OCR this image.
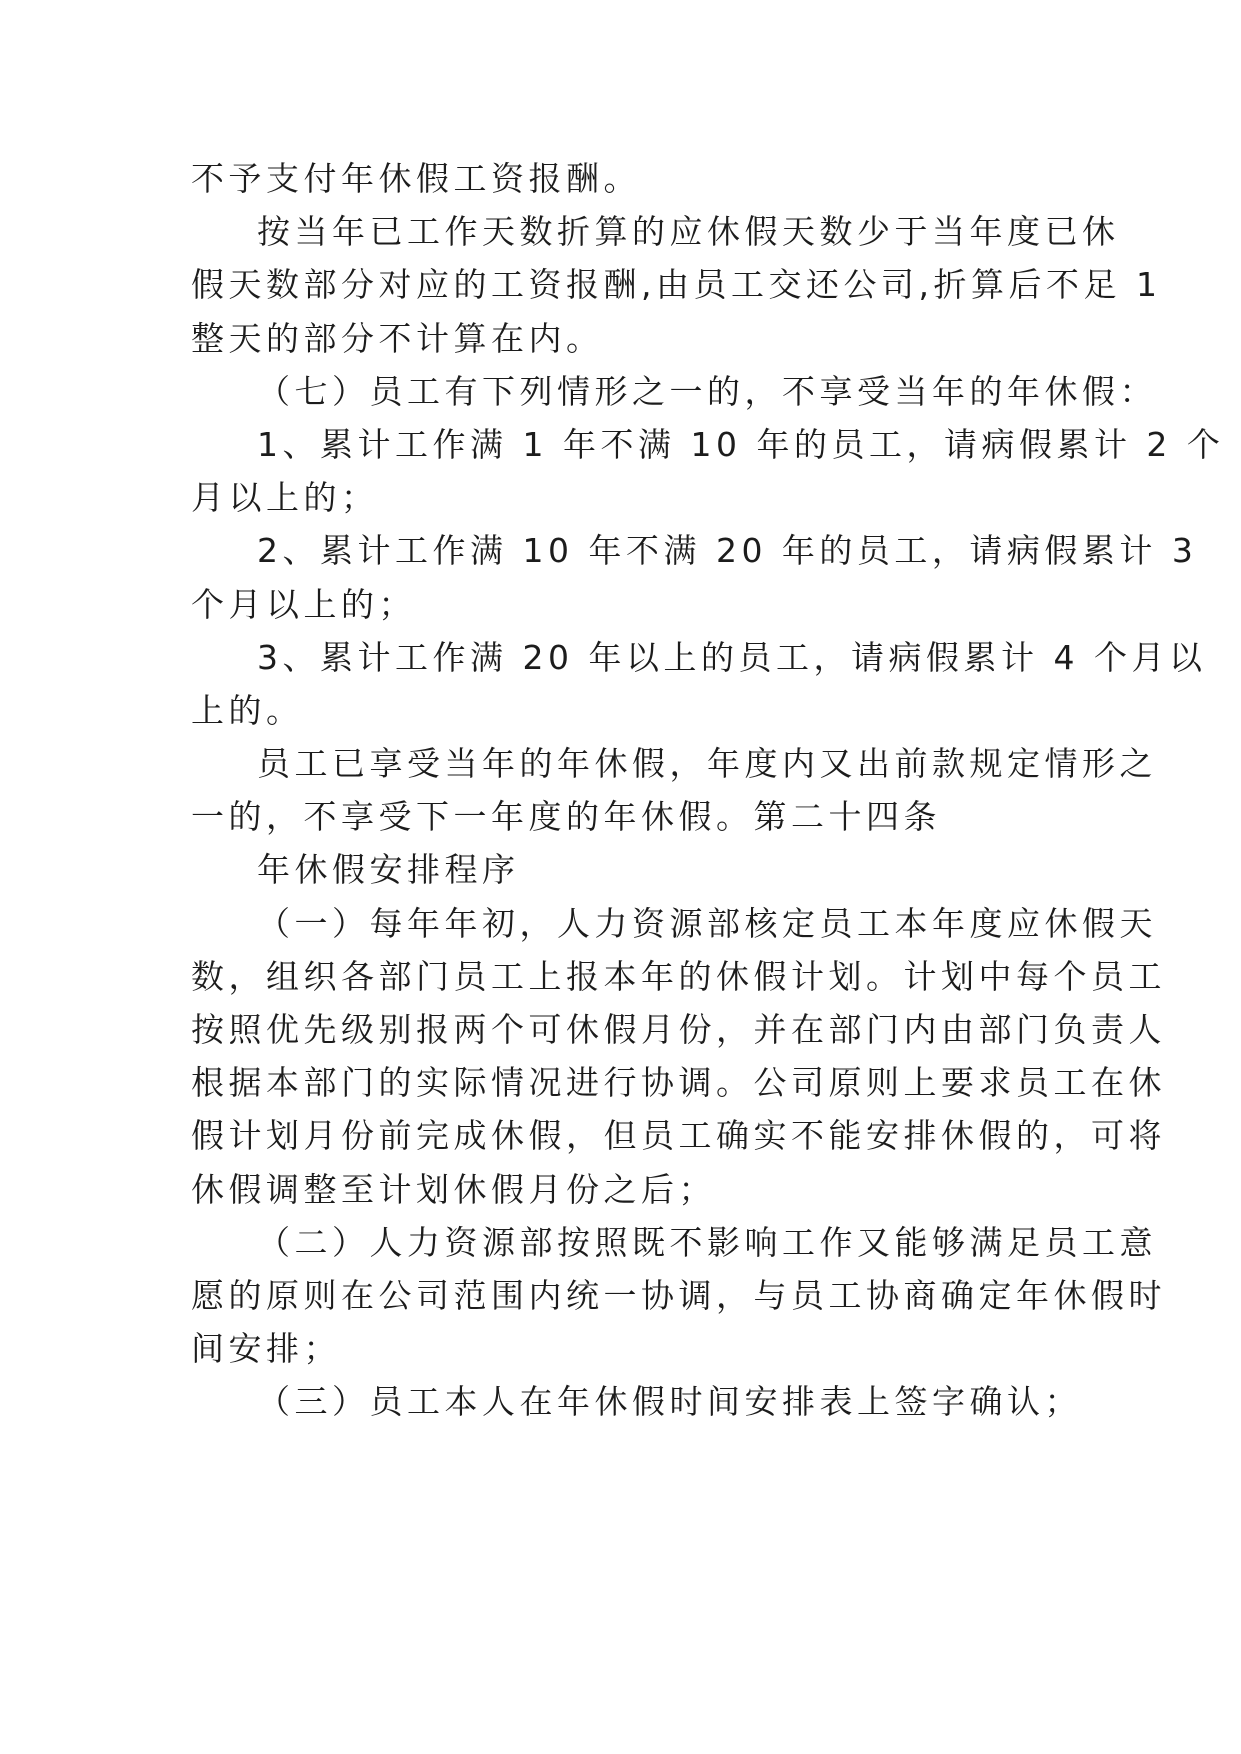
不予支付年休假工资报酬。
按当年已工作天数折算的应休假天数少于当年度已休
假天数部分对应的工资报酬,由员工交还公司,折算后不足 1
整天的部分不计算在内。
（七）员工有下列情形之一的，不享受当年的年休假：
1、累计工作满 1 年不满 10 年的员工，请病假累计 2 个
月以上的；
2、累计工作满 10 年不满 20 年的员工，请病假累计 3
个月以上的；
3、累计工作满 20 年以上的员工，请病假累计 4 个月以
上的。
员工已享受当年的年休假，年度内又出前款规定情形之
一的，不享受下一年度的年休假。第二十四条
年休假安排程序
（一）每年年初，人力资源部核定员工本年度应休假天
数，组织各部门员工上报本年的休假计划。计划中每个员工
按照优先级别报两个可休假月份，并在部门内由部门负责人
根据本部门的实际情况进行协调。公司原则上要求员工在休
假计划月份前完成休假，但员工确实不能安排休假的，可将
休假调整至计划休假月份之后；
（二）人力资源部按照既不影响工作又能够满足员工意
愿的原则在公司范围内统一协调，与员工协商确定年休假时
间安排；
（三）员工本人在年休假时间安排表上签字确认；
